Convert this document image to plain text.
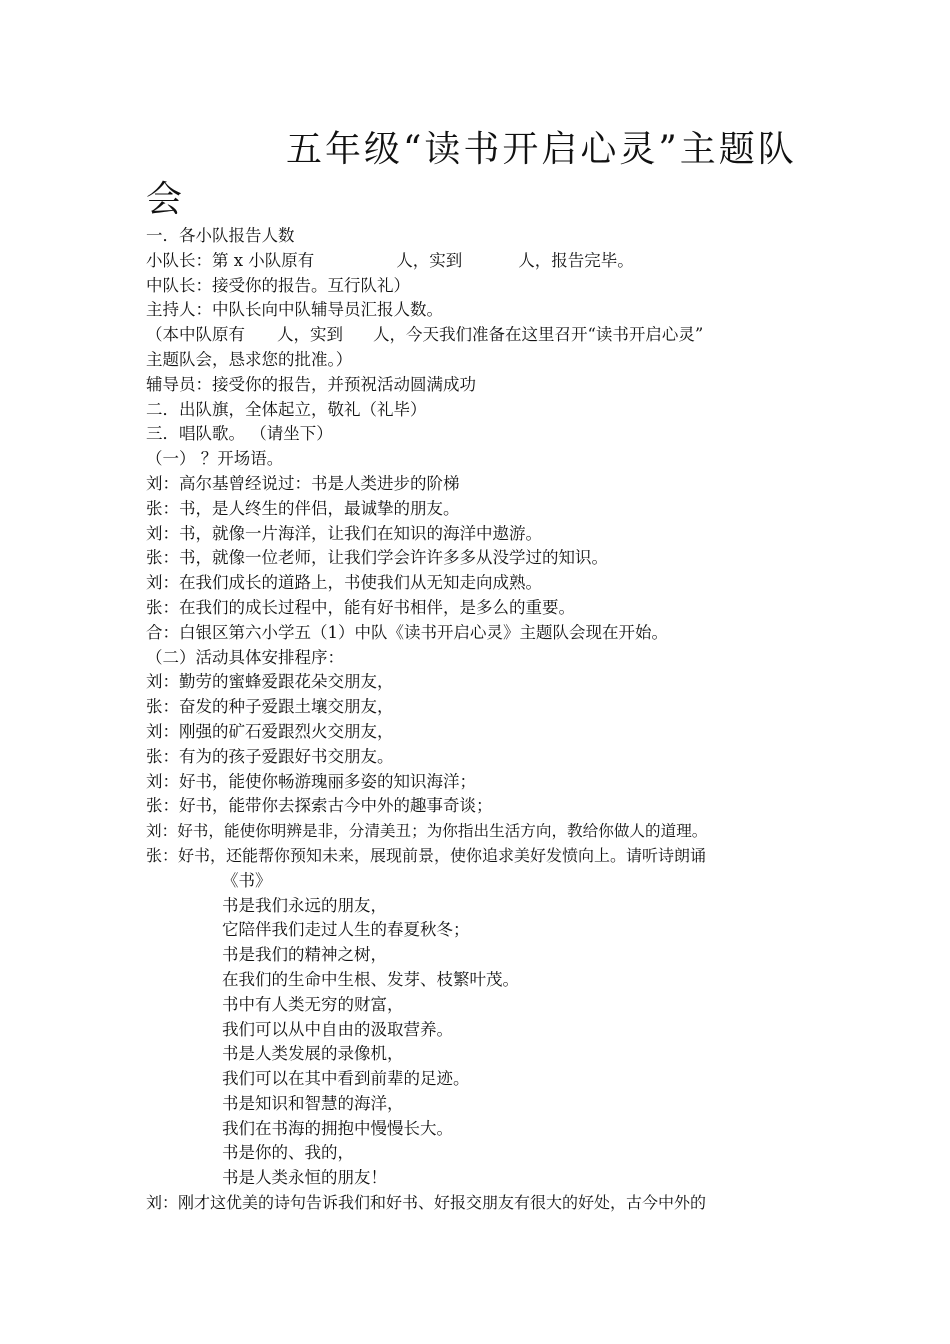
五年级“读书开启心灵”主题队
会
一．各小队报告人数
小队长：第 x 小队原有	人，实到	人，报告完毕。
中队长：接受你的报告。互行队礼）
主持人：中队长向中队辅导员汇报人数。
（本中队原有 人，实到 人，今天我们准备在这里召开“读书开启心灵”
主题队会，恳求您的批准。）
辅导员：接受你的报告，并预祝活动圆满成功
二．出队旗，全体起立，敬礼（礼毕）
三．唱队歌。 （请坐下）
（一） ？开场语。
刘：高尔基曾经说过：书是人类进步的阶梯
张：书，是人终生的伴侣，最诚挚的朋友。
刘：书，就像一片海洋，让我们在知识的海洋中遨游。
张：书，就像一位老师，让我们学会许许多多从没学过的知识。
刘：在我们成长的道路上，书使我们从无知走向成熟。
张：在我们的成长过程中，能有好书相伴，是多么的重要。
合：白银区第六小学五（1）中队《读书开启心灵》主题队会现在开始。
（二）活动具体安排程序：
刘：勤劳的蜜蜂爱跟花朵交朋友，
张：奋发的种子爱跟土壤交朋友，
刘：刚强的矿石爱跟烈火交朋友，
张：有为的孩子爱跟好书交朋友。
刘：好书，能使你畅游瑰丽多姿的知识海洋；
张：好书，能带你去探索古今中外的趣事奇谈；
刘：好书，能使你明辨是非，分清美丑；为你指出生活方向，教给你做人的道理。
张：好书，还能帮你预知未来，展现前景，使你追求美好发愤向上。请听诗朗诵
《书》
书是我们永远的朋友，
它陪伴我们走过人生的春夏秋冬；
书是我们的精神之树，
在我们的生命中生根、发芽、枝繁叶茂。
书中有人类无穷的财富，
我们可以从中自由的汲取营养。
书是人类发展的录像机，
我们可以在其中看到前辈的足迹。
书是知识和智慧的海洋，
我们在书海的拥抱中慢慢长大。
书是你的、我的，
书是人类永恒的朋友！
刘：刚才这优美的诗句告诉我们和好书、好报交朋友有很大的好处，古今中外的
